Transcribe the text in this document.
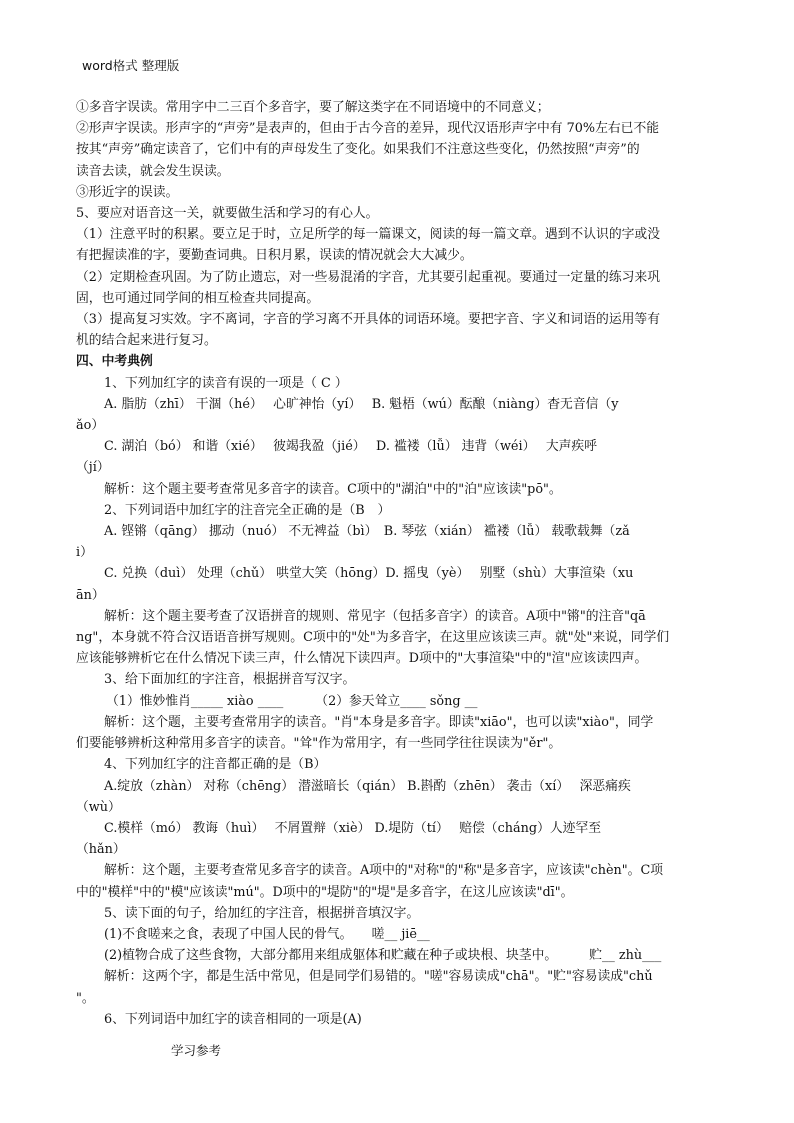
word格式 整理版
①多音字误读。常用字中二三百个多音字，要了解这类字在不同语境中的不同意义；
②形声字误读。形声字的“声旁”是表声的，但由于古今音的差异，现代汉语形声字中有 70%左右已不能
按其“声旁”确定读音了，它们中有的声母发生了变化。如果我们不注意这些变化，仍然按照“声旁”的
读音去读，就会发生误读。
③形近字的误读。
5、要应对语音这一关，就要做生活和学习的有心人。
（1）注意平时的积累。要立足于时，立足所学的每一篇课文，阅读的每一篇文章。遇到不认识的字或没
有把握读准的字，要勤查词典。日积月累，误读的情况就会大大减少。
（2）定期检查巩固。为了防止遗忘，对一些易混淆的字音，尤其要引起重视。要通过一定量的练习来巩
固，也可通过同学间的相互检查共同提高。
（3）提高复习实效。字不离词，字音的学习离不开具体的词语环境。要把字音、字义和词语的运用等有
机的结合起来进行复习。
四、中考典例
1、下列加红字的读音有误的一项是（ C ）
A. 脂肪（zhī） 干涸（hé）　 心旷神怡（yí）　 B. 魁梧（wú）酝酿（niàng）杳无音信（y
ǎo）
C. 湖泊（bó） 和谐（xié）　 彼竭我盈（jié）　 D. 褴褛（lǚ） 违背（wéi）　 大声疾呼
（jí）
解析：这个题主要考查常见多音字的读音。C项中的"湖泊"中的"泊"应该读"pō"。
2、下列词语中加红字的注音完全正确的是（B　）
A. 铿锵（qāng） 挪动（nuó） 不无裨益（bì）　B. 琴弦（xián） 褴褛（lǚ） 载歌载舞（zǎ
i）
C. 兑换（duì） 处理（chǔ） 哄堂大笑（hōng）D. 摇曳（yè）　 别墅（shù）大事渲染（xu
ān）
解析：这个题主要考查了汉语拼音的规则、常见字（包括多音字）的读音。A项中"锵"的注音"qā
ng"，本身就不符合汉语语音拼写规则。C项中的"处"为多音字，在这里应该读三声。就"处"来说，同学们
应该能够辨析它在什么情况下读三声，什么情况下读四声。D项中的"大事渲染"中的"渲"应该读四声。
3、给下面加红的字注音，根据拼音写汉字。
（1）惟妙惟肖_____ xiào ____　　　（2）参天耸立____ sǒng __
解析：这个题，主要考查常用字的读音。"肖"本身是多音字。即读"xiāo"，也可以读"xiào"，同学
们要能够辨析这种常用多音字的读音。"耸"作为常用字，有一些同学往往误读为"ěr"。
4、下列加红字的注音都正确的是（B）
A.绽放（zhàn） 对称（chēng） 潜滋暗长（qián） B.斟酌（zhēn） 袭击（xí）　 深恶痛疾
（wù）
C.模样（mó） 教诲（huì）　 不屑置辩（xiè） D.堤防（tí）　 赔偿（cháng）人迹罕至
（hǎn）
解析：这个题，主要考查常见多音字的读音。A项中的"对称"的"称"是多音字，应该读"chèn"。C项
中的"模样"中的"模"应该读"mú"。D项中的"堤防"的"堤"是多音字，在这儿应该读"dī"。
5、读下面的句子，给加红的字注音，根据拼音填汉字。
(1)不食嗟来之食，表现了中国人民的骨气。　　嗟__ jiē__
(2)植物合成了这些食物，大部分都用来组成躯体和贮藏在种子或块根、块茎中。　　　贮__ zhù___
解析：这两个字，都是生活中常见，但是同学们易错的。"嗟"容易读成"chā"。"贮"容易读成"chǔ
"。
6、下列词语中加红字的读音相同的一项是(A)
学习参考
